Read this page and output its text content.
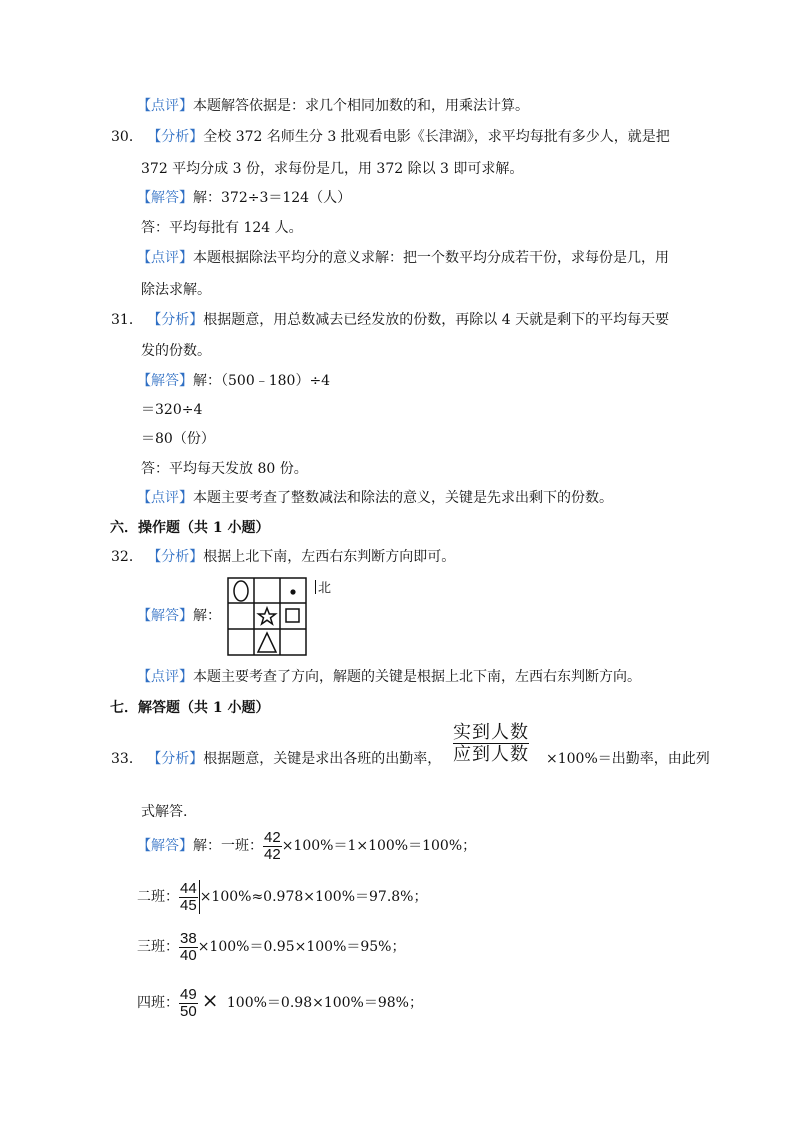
【点评】本题解答依据是：求几个相同加数的和，用乘法计算。
30． 【分析】全校 372 名师生分 3 批观看电影《长津湖》，求平均每批有多少人，就是把
372 平均分成 3 份，求每份是几，用 372 除以 3 即可求解。
【解答】解：372÷3＝124（人）
答：平均每批有 124 人。
【点评】本题根据除法平均分的意义求解：把一个数平均分成若干份，求每份是几，用
除法求解。
31． 【分析】根据题意，用总数减去已经发放的份数，再除以 4 天就是剩下的平均每天要
发的份数。
【解答】解：（500﹣180）÷4
＝320÷4
＝80（份）
答：平均每天发放 80 份。
【点评】本题主要考查了整数减法和除法的意义，关键是先求出剩下的份数。
六．操作题（共 1 小题）
32． 【分析】根据上北下南，左西右东判断方向即可。
【解答】解：
北
【点评】本题主要考查了方向，解题的关键是根据上北下南，左西右东判断方向。
七．解答题（共 1 小题）
实到人数
应到人数
33． 【分析】根据题意，关键是求出各班的出勤率，	×100%＝出勤率，由此列
式解答.
【解答】解：一班： $\frac{42}{42} \times 100\%=1\times 100\%=100\%$；
二班： $\frac{44}{45} \times 100\%\approx 0.978\times 100\%=97.8\%$；
三班： $\frac{38}{40} \times 100\%=0.95\times 100\%=95\%$；
四班： $\frac{49}{50} \times 100\%=0.98\times 100\%=98\%$；
